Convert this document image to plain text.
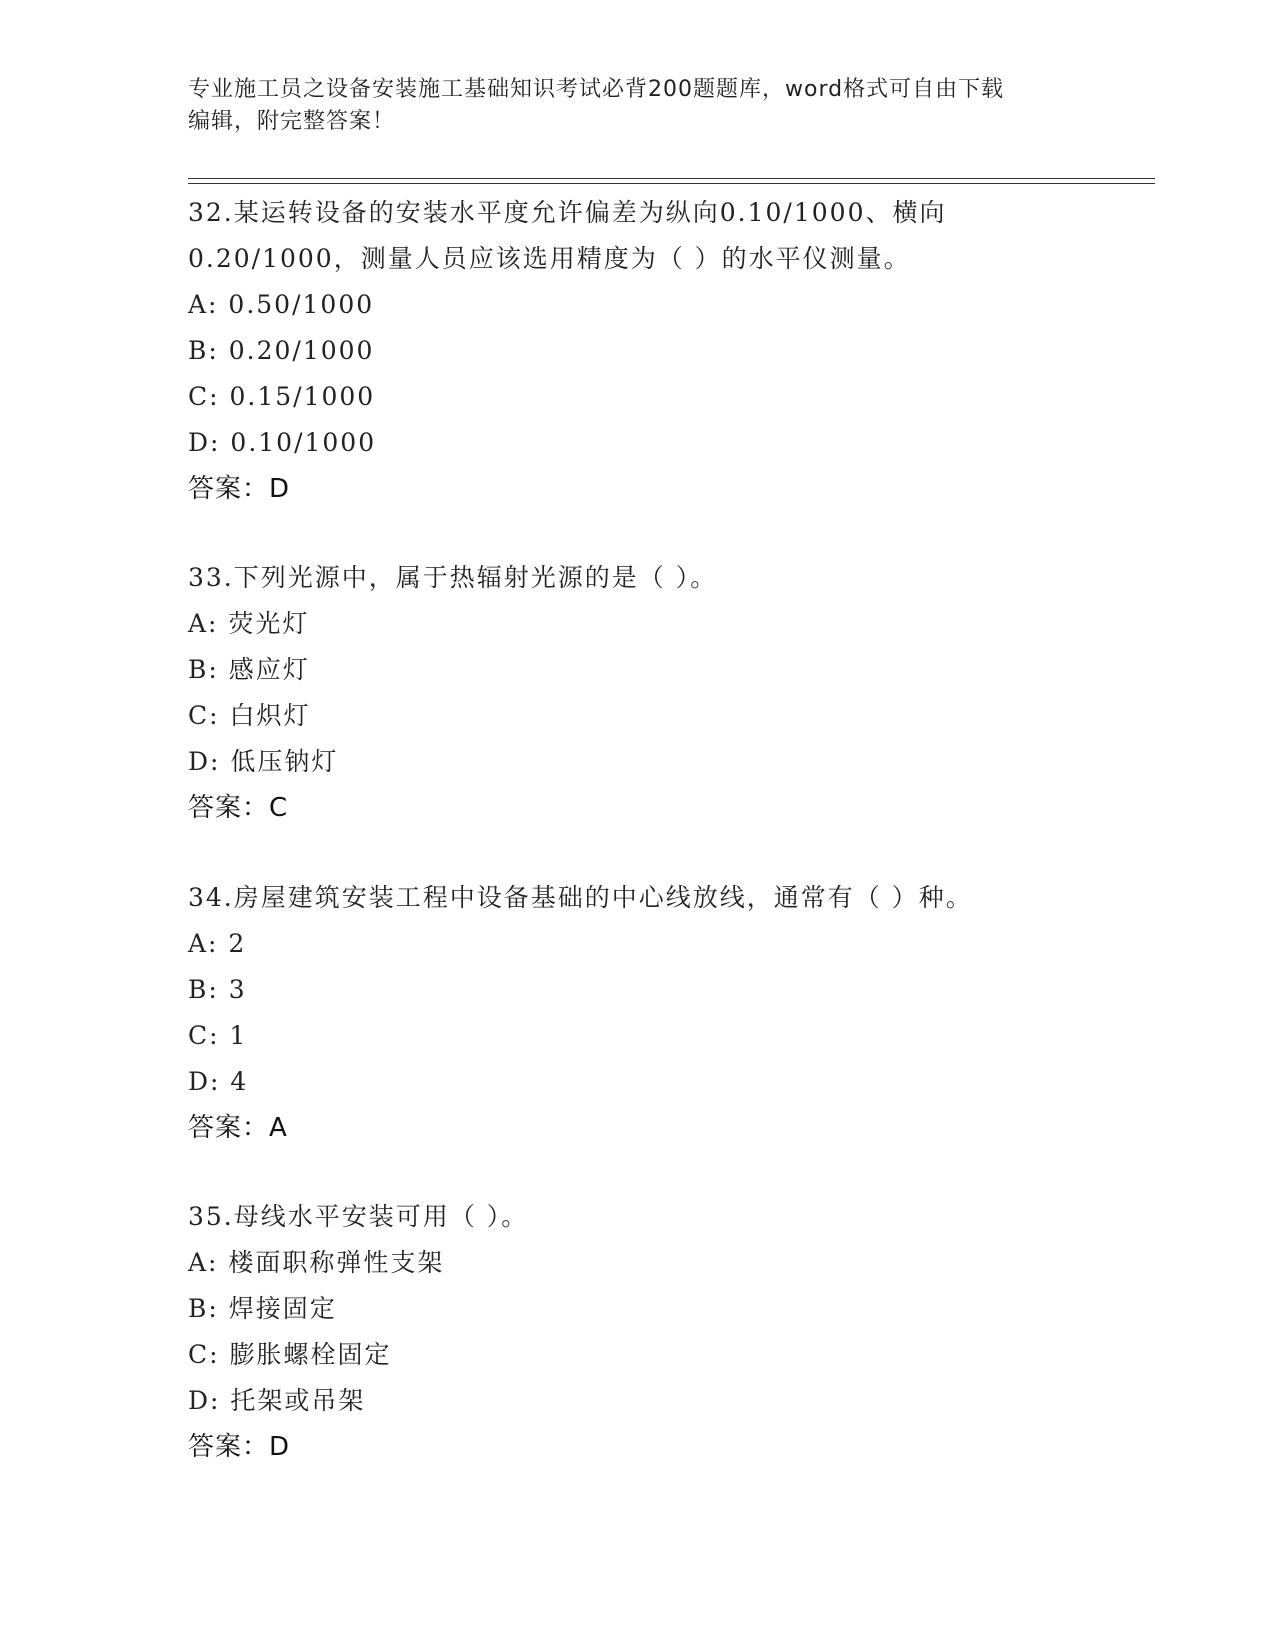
专业施工员之设备安装施工基础知识考试必背200题题库，word格式可自由下载
编辑，附完整答案！
32.某运转设备的安装水平度允许偏差为纵向0.10/1000、横向
0.20/1000，测量人员应该选用精度为（ ）的水平仪测量。
A: 0.50/1000
B: 0.20/1000
C: 0.15/1000
D: 0.10/1000
答案：D
33.下列光源中，属于热辐射光源的是（ ）。
A: 荧光灯
B: 感应灯
C: 白炽灯
D: 低压钠灯
答案：C
34.房屋建筑安装工程中设备基础的中心线放线，通常有（ ）种。
A: 2
B: 3
C: 1
D: 4
答案：A
35.母线水平安装可用（ ）。
A: 楼面职称弹性支架
B: 焊接固定
C: 膨胀螺栓固定
D: 托架或吊架
答案：D
